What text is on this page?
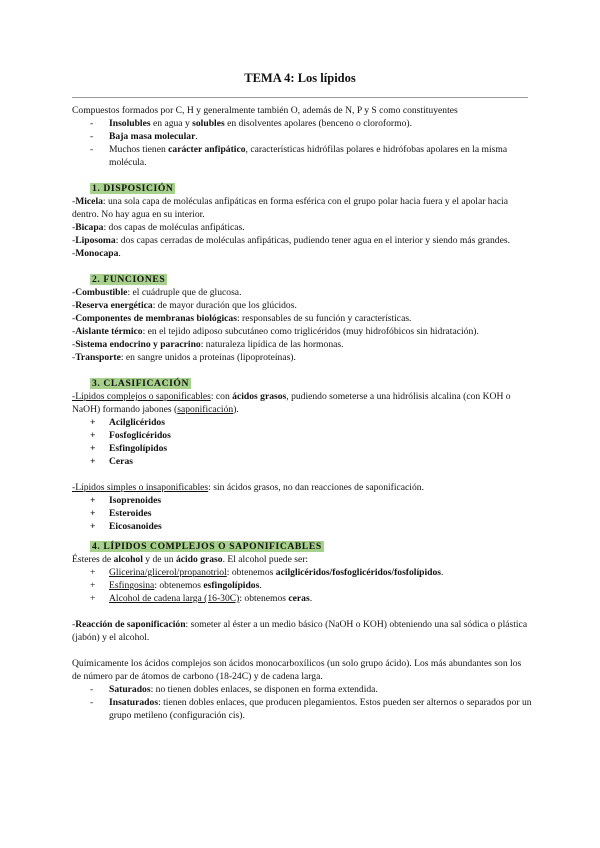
TEMA 4: Los lípidos

Compuestos formados por C, H y generalmente también O, además de N, P y S como constituyentes

- Insolubles en agua y solubles en disolventes apolares (benceno o cloroformo).
- Baja masa molecular.
- Muchos tienen carácter anfipático, características hidrófilas polares e hidrófobas apolares en la misma molécula.

1. DISPOSICIÓN

-Micela: una sola capa de moléculas anfipáticas en forma esférica con el grupo polar hacia fuera y el apolar hacia dentro. No hay agua en su interior.

-Bicapa: dos capas de moléculas anfipáticas.

-Liposoma: dos capas cerradas de moléculas anfipáticas, pudiendo tener agua en el interior y siendo más grandes.

-Monocapa.

2. FUNCIONES

-Combustible: el cuádruple que de glucosa.

-Reserva energética: de mayor duración que los glúcidos.

-Componentes de membranas biológicas: responsables de su función y características.

-Aislante térmico: en el tejido adiposo subcutáneo como triglicéridos (muy hidrofóbicos sin hidratación).

-Sistema endocrino y paracrino: naturaleza lipídica de las hormonas.

-Transporte: en sangre unidos a proteínas (lipoproteínas).

3. CLASIFICACIÓN

-Lípidos complejos o saponificables: con ácidos grasos, pudiendo someterse a una hidrólisis alcalina (con KOH o NaOH) formando jabones (saponificación).

+ Acilglicéridos
+ Fosfoglicéridos
+ Esfingolípidos
+ Ceras

-Lípidos simples o insaponificables: sin ácidos grasos, no dan reacciones de saponificación.

+ Isoprenoides
+ Esteroides
+ Eicosanoides

4. LÍPIDOS COMPLEJOS O SAPONIFICABLES

Ésteres de alcohol y de un ácido graso. El alcohol puede ser:

+ Glicerina/glicerol/propanotriol: obtenemos acilglicéridos/fosfoglicéridos/fosfolípidos.
+ Esfingosina: obtenemos esfingolípidos.
+ Alcohol de cadena larga (16-30C): obtenemos ceras.

-Reacción de saponificación: someter al éster a un medio básico (NaOH o KOH) obteniendo una sal sódica o plástica (jabón) y el alcohol.

Químicamente los ácidos complejos son ácidos monocarboxílicos (un solo grupo ácido). Los más abundantes son los de número par de átomos de carbono (18-24C) y de cadena larga.

- Saturados: no tienen dobles enlaces, se disponen en forma extendida.
- Insaturados: tienen dobles enlaces, que producen plegamientos. Estos pueden ser alternos o separados por un grupo metileno (configuración cis).
